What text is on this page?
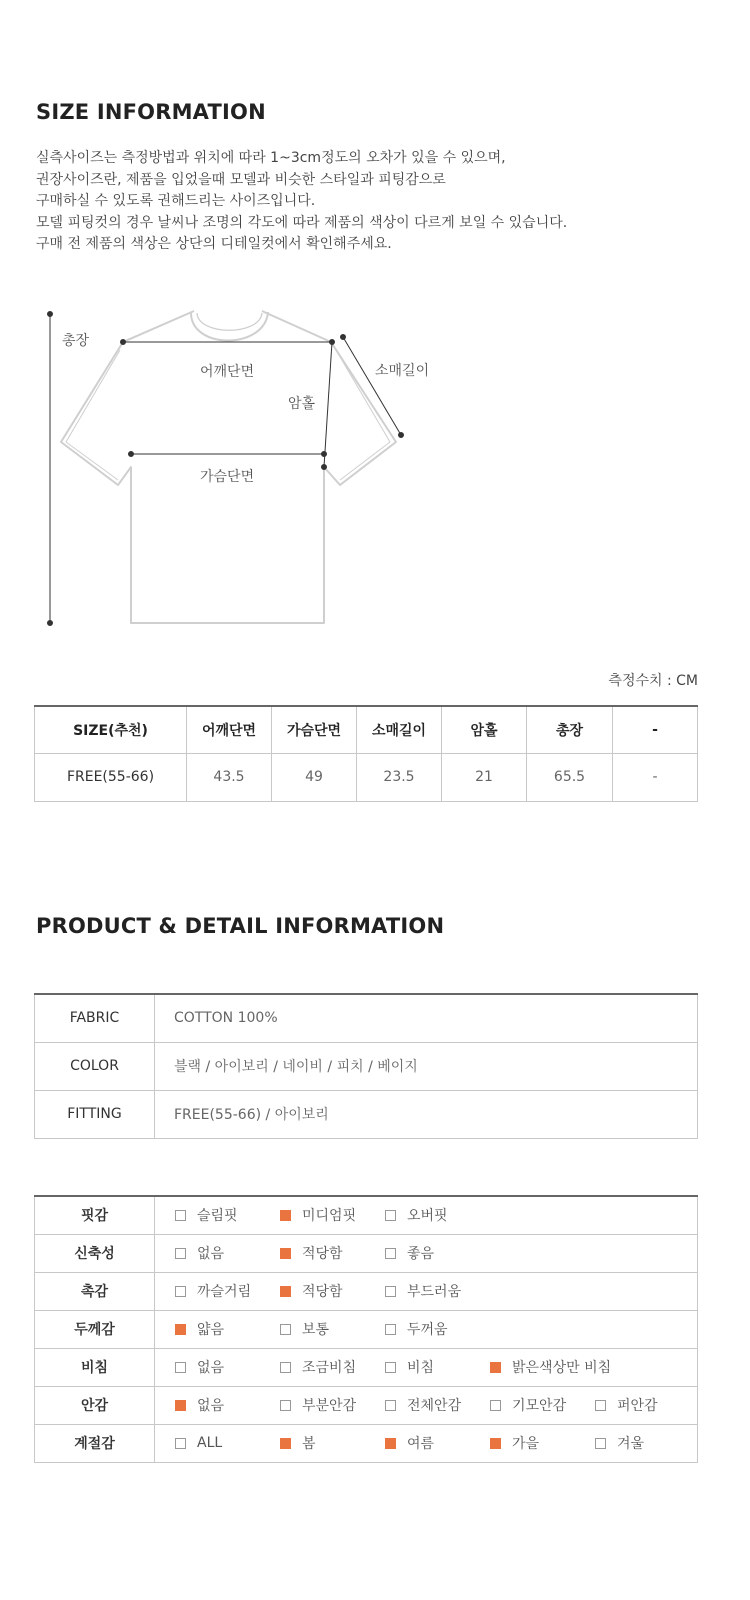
SIZE INFORMATION
실측사이즈는 측정방법과 위치에 따라 1~3cm정도의 오차가 있을 수 있으며,
권장사이즈란, 제품을 입었을때 모델과 비슷한 스타일과 피팅감으로
구매하실 수 있도록 권해드리는 사이즈입니다.
모델 피팅컷의 경우 날씨나 조명의 각도에 따라 제품의 색상이 다르게 보일 수 있습니다.
구매 전 제품의 색상은 상단의 디테일컷에서 확인해주세요.
총장
어깨단면	소매길이
암홀
가슴단면
측정수치 : CM
SIZE(추천)	어깨단면	가슴단면	소매길이	암홀	총장	-
FREE(55-66)	43.5	49	23.5	21	65.5	-
PRODUCT & DETAIL INFORMATION
FABRIC	COTTON 100%
COLOR	블랙 / 아이보리 / 네이비 / 피치 / 베이지
FITTING	FREE(55-66) / 아이보리
핏감	슬림핏 미디엄핏 오버핏

신축성	없음 적당함 좋음

촉감	까슬거림 적당함 부드러움

두께감	얇음 보통 두꺼움

비침	없음 조금비침 비침 밝은색상만 비침

안감	없음 부분안감 전체안감 기모안감 퍼안감

계절감	ALL 봄 여름 가을 겨울
